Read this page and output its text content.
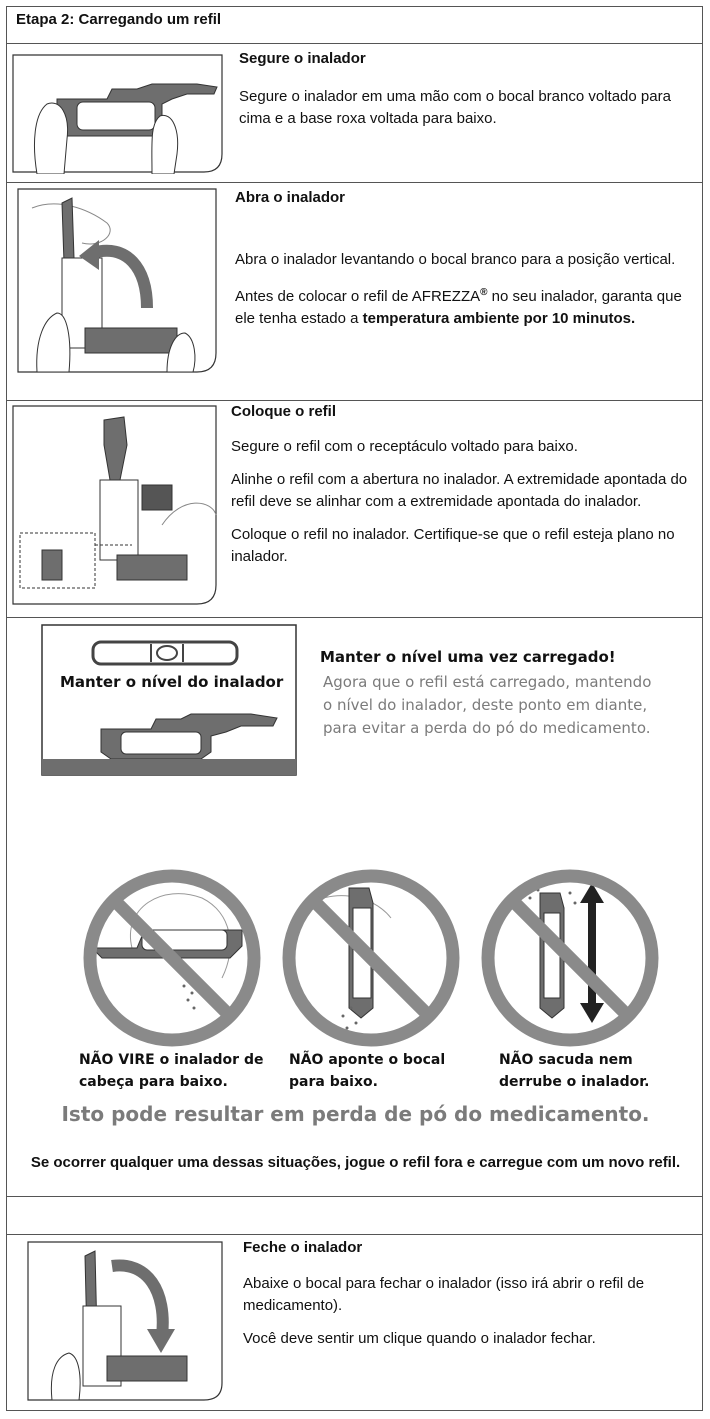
Etapa 2: Carregando um refil
Segure o inalador

Segure o inalador em uma mão com o bocal branco voltado para cima e a base roxa voltada para baixo.

Abra o inalador

Abra o inalador levantando o bocal branco para a posição vertical.

Antes de colocar o refil de AFREZZA® no seu inalador, garanta que ele tenha estado a temperatura ambiente por 10 minutos.

Coloque o refil

Segure o refil com o receptáculo voltado para baixo.

Alinhe o refil com a abertura no inalador. A extremidade apontada do refil deve se alinhar com a extremidade apontada do inalador.

Coloque o refil no inalador. Certifique-se que o refil esteja plano no inalador.

Manter o nível do inalador
Manter o nível uma vez carregado!
Agora que o refil está carregado, mantendo o nível do inalador, deste ponto em diante, para evitar a perda do pó do medicamento.
NÃO VIRE o inalador de cabeça para baixo.
NÃO aponte o bocal para baixo.
NÃO sacuda nem derrube o inalador.
Isto pode resultar em perda de pó do medicamento.
Se ocorrer qualquer uma dessas situações, jogue o refil fora e carregue com um novo refil.
Feche o inalador

Abaixe o bocal para fechar o inalador (isso irá abrir o refil de medicamento).

Você deve sentir um clique quando o inalador fechar.
